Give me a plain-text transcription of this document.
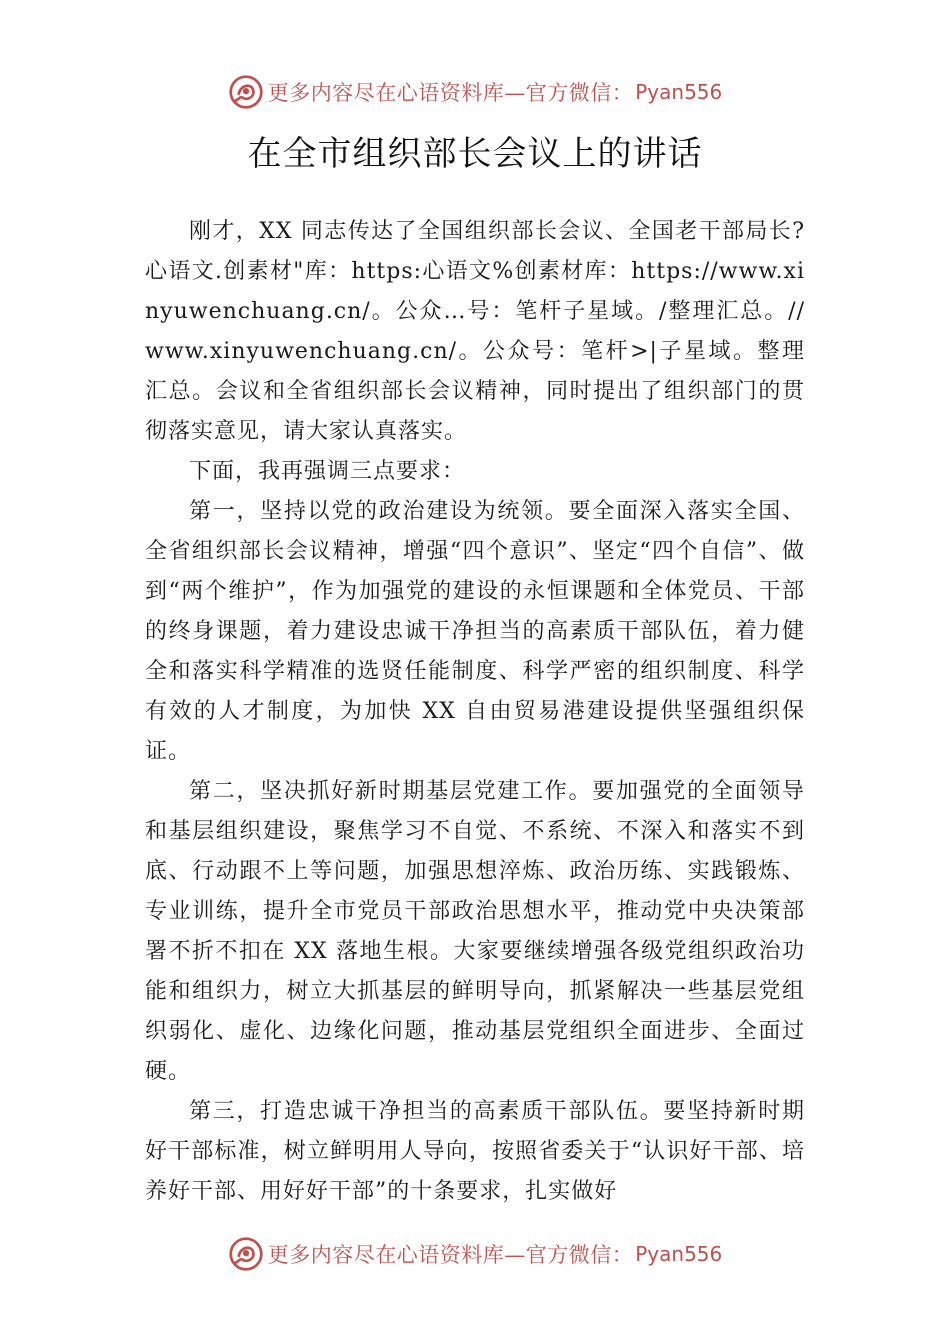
更多内容尽在心语资料库—官方微信： Pyan556
在全市组织部长会议上的讲话

刚才，XX 同志传达了全国组织部长会议、全国老干部局长?心语文.创素材"库：https:心语文%创素材库：https://www.xinyuwenchuang.cn/。公众…号：笔杆子星域。/整理汇总。//www.xinyuwenchuang.cn/。公众号：笔杆>|子星域。整理汇总。会议和全省组织部长会议精神，同时提出了组织部门的贯彻落实意见，请大家认真落实。

下面，我再强调三点要求：

第一，坚持以党的政治建设为统领。要全面深入落实全国、全省组织部长会议精神，增强“四个意识”、坚定“四个自信”、做到“两个维护”，作为加强党的建设的永恒课题和全体党员、干部的终身课题，着力建设忠诚干净担当的高素质干部队伍，着力健全和落实科学精准的选贤任能制度、科学严密的组织制度、科学有效的人才制度，为加快 XX 自由贸易港建设提供坚强组织保证。

第二，坚决抓好新时期基层党建工作。要加强党的全面领导和基层组织建设，聚焦学习不自觉、不系统、不深入和落实不到底、行动跟不上等问题，加强思想淬炼、政治历练、实践锻炼、专业训练，提升全市党员干部政治思想水平，推动党中央决策部署不折不扣在 XX 落地生根。大家要继续增强各级党组织政治功能和组织力，树立大抓基层的鲜明导向，抓紧解决一些基层党组织弱化、虚化、边缘化问题，推动基层党组织全面进步、全面过硬。

第三，打造忠诚干净担当的高素质干部队伍。要坚持新时期好干部标准，树立鲜明用人导向，按照省委关于“认识好干部、培养好干部、用好好干部”的十条要求，扎实做好

更多内容尽在心语资料库—官方微信： Pyan556
